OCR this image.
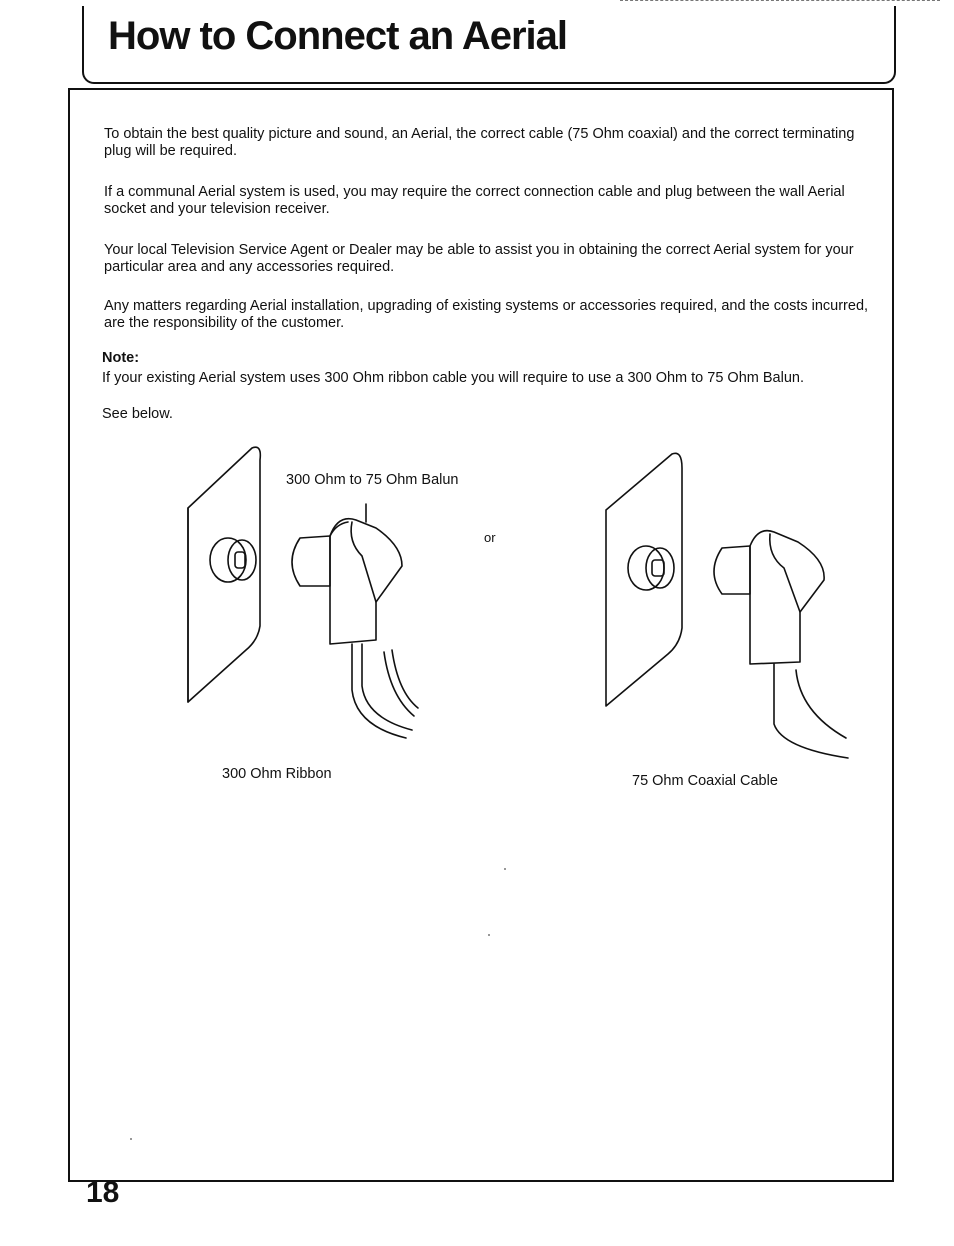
How to Connect an Aerial

To obtain the best quality picture and sound, an Aerial, the correct cable (75 Ohm coaxial) and the correct terminating plug will be required.

If a communal Aerial system is used, you may require the correct connection cable and plug between the wall Aerial socket and your television receiver.

Your local Television Service Agent or Dealer may be able to assist you in obtaining the correct Aerial system for your particular area and any accessories required.

Any matters regarding Aerial installation, upgrading of existing systems or accessories required, and the costs incurred, are the responsibility of the customer.

Note:

If your existing Aerial system uses 300 Ohm ribbon cable you will require to use a 300 Ohm to 75 Ohm Balun.

See below.

300 Ohm to 75 Ohm Balun

or

300 Ohm Ribbon	75 Ohm Coaxial Cable

18
